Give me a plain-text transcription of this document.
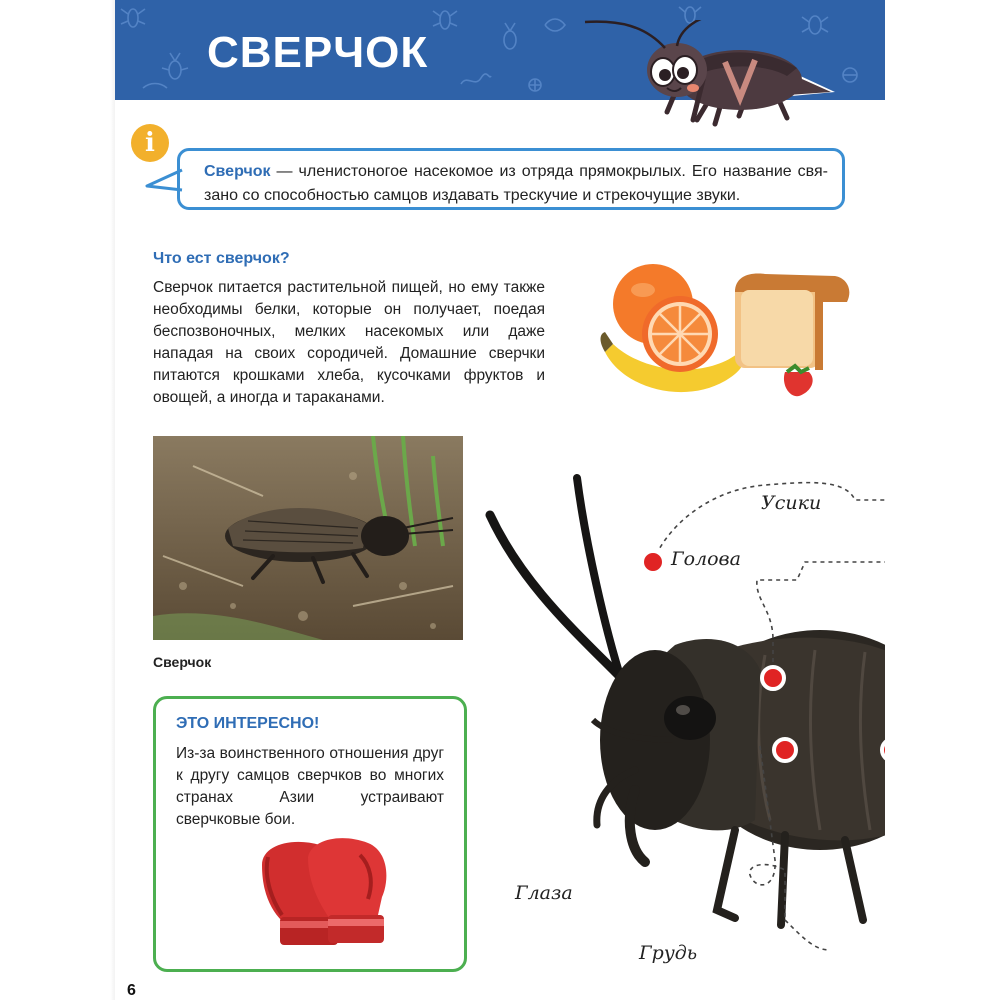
СВЕРЧОК
i
Сверчок — членистоногое насекомое из отряда прямокрылых. Его название связано со способностью самцов издавать трескучие и стрекочущие звуки.
Что ест сверчок?
Сверчок питается растительной пищей, но ему также необходимы белки, которые он получает, поедая беспозвоночных, мелких насекомых или даже нападая на своих сородичей. Домашние сверчки питаются крошками хлеба, кусочками фруктов и овощей, а иногда и тараканами.
Сверчок
ЭТО ИНТЕРЕСНО!
Из-за воинственного отношения друг к другу самцов сверчков во многих странах Азии устраивают сверчковые бои.
6
Усики
Голова
Глаза
Грудь
